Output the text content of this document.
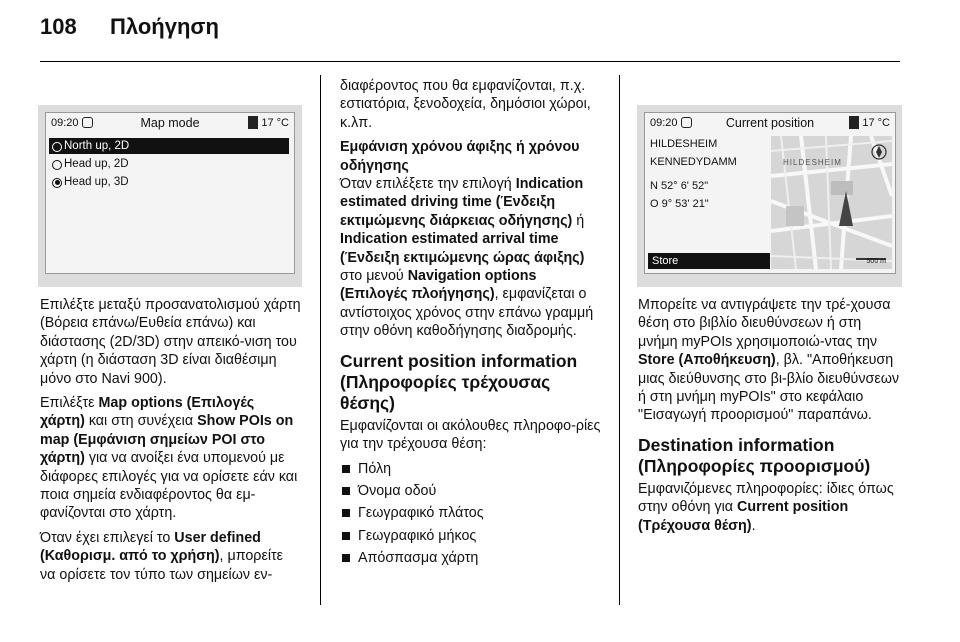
108 Πλοήγηση
09:20	Map mode	17 °C
North up, 2D
Head up, 2D
Head up, 3D
09:20	Current position	17 °C
HILDESHEIM
KENNEDYDAMM
N 52° 6' 52"
O 9° 53' 21"
Store
HILDESHEIM
500 m

Επιλέξτε μεταξύ προσανατολισμού χάρτη (Βόρεια επάνω/Ευθεία επάνω) και διάστασης (2D/3D) στην απεικό-νιση του χάρτη (η διάσταση 3D είναι διαθέσιμη μόνο στο Navi 900).

Επιλέξτε Map options (Επιλογές χάρτη) και στη συνέχεια Show POIs on map (Εμφάνιση σημείων POI στο χάρτη) για να ανοίξει ένα υπομενού με διάφορες επιλογές για να ορίσετε εάν και ποια σημεία ενδιαφέροντος θα εμ-φανίζονται στο χάρτη.

Όταν έχει επιλεγεί το User defined (Καθορισμ. από το χρήση), μπορείτε να ορίσετε τον τύπο των σημείων εν-

διαφέροντος που θα εμφανίζονται, π.χ. εστιατόρια, ξενοδοχεία, δημόσιοι χώροι, κ.λπ.

Εμφάνιση χρόνου άφιξης ή χρόνου οδήγησης

Όταν επιλέξετε την επιλογή Indication estimated driving time (Ένδειξη εκτιμώμενης διάρκειας οδήγησης) ή Indication estimated arrival time (Ένδειξη εκτιμώμενης ώρας άφιξης) στο μενού Navigation options (Επιλογές πλοήγησης), εμφανίζεται ο αντίστοιχος χρόνος στην επάνω γραμμή στην οθόνη καθοδήγησης διαδρομής.

Current position information (Πληροφορίες τρέχουσας θέσης)

Εμφανίζονται οι ακόλουθες πληροφο-ρίες για την τρέχουσα θέση:

Πόλη
Όνομα οδού
Γεωγραφικό πλάτος
Γεωγραφικό μήκος
Απόσπασμα χάρτη

Μπορείτε να αντιγράψετε την τρέ-χουσα θέση στο βιβλίο διευθύνσεων ή στη μνήμη myPOIs χρησιμοποιώ-ντας την Store (Αποθήκευση), βλ. "Αποθήκευση μιας διεύθυνσης στο βι-βλίο διευθύνσεων ή στη μνήμη myPOIs" στο κεφάλαιο "Εισαγωγή προορισμού" παραπάνω.

Destination information (Πληροφορίες προορισμού)

Εμφανιζόμενες πληροφορίες: ίδιες όπως στην οθόνη για Current position (Τρέχουσα θέση).
